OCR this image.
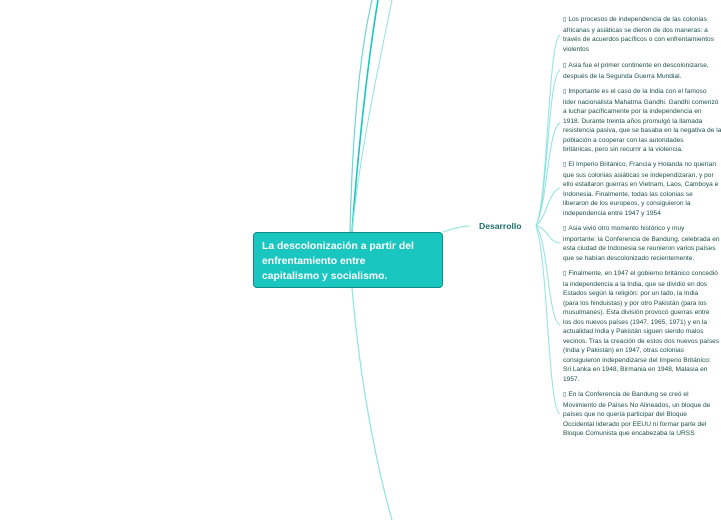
La descolonización a partir del
enfrentamiento entre
capitalismo y socialismo.
Desarrollo
▯ Los procesos de independencia de las colonias
africanas y asiáticas se dieron de dos maneras: a
través de acuerdos pacíficos o con enfrentamientos
violentos
▯ Asia fue el primer continente en descolonizarse,
después de la Segunda Guerra Mundial.
▯ Importante es el caso de la India con el famoso
líder nacionalista Mahatma Gandhi. Gandhi comenzó
a luchar pacíficamente por la independencia en
1918. Durante treinta años promulgó la llamada
resistencia pasiva, que se basaba en la negativa de la
población a cooperar con las autoridades
británicas, pero sin recurrir a la violencia.
▯ El Imperio Británico, Francia y Holanda no querían
que sus colonias asiáticas se independizaran, y por
ello estallaron guerras en Vietnam, Laos, Camboya e
Indonesia. Finalmente, todas las colonias se
liberaron de los europeos, y consiguieron la
independencia entre 1947 y 1954
▯ Asia vivió otro momento histórico y muy
importante: la Conferencia de Bandung, celebrada en
esta ciudad de Indonesia se reunieron varios países
que se habían descolonizado recientemente.
▯ Finalmente, en 1947 el gobierno británico concedió
la independencia a la India, que se dividió en dos
Estados según la religión: por un lado, la India
(para los hinduistas) y por otro Pakistán (para los
musulmanes). Esta división provocó guerras entre
los dos nuevos países (1947, 1965, 1971) y en la
actualidad India y Pakistán siguen siendo malos
vecinos. Tras la creación de estos dos nuevos países
(India y Pakistán) en 1947, otras colonias
consiguieron independizarse del Imperio Británico:
Sri Lanka en 1948, Birmania en 1948, Malasia en
1957.
▯ En la Conferencia de Bandung se creó el
Movimiento de Países No Alineados, un bloque de
países que no quería participar del Bloque
Occidental liderado por EEUU ni formar parte del
Bloque Comunista que encabezaba la URSS
